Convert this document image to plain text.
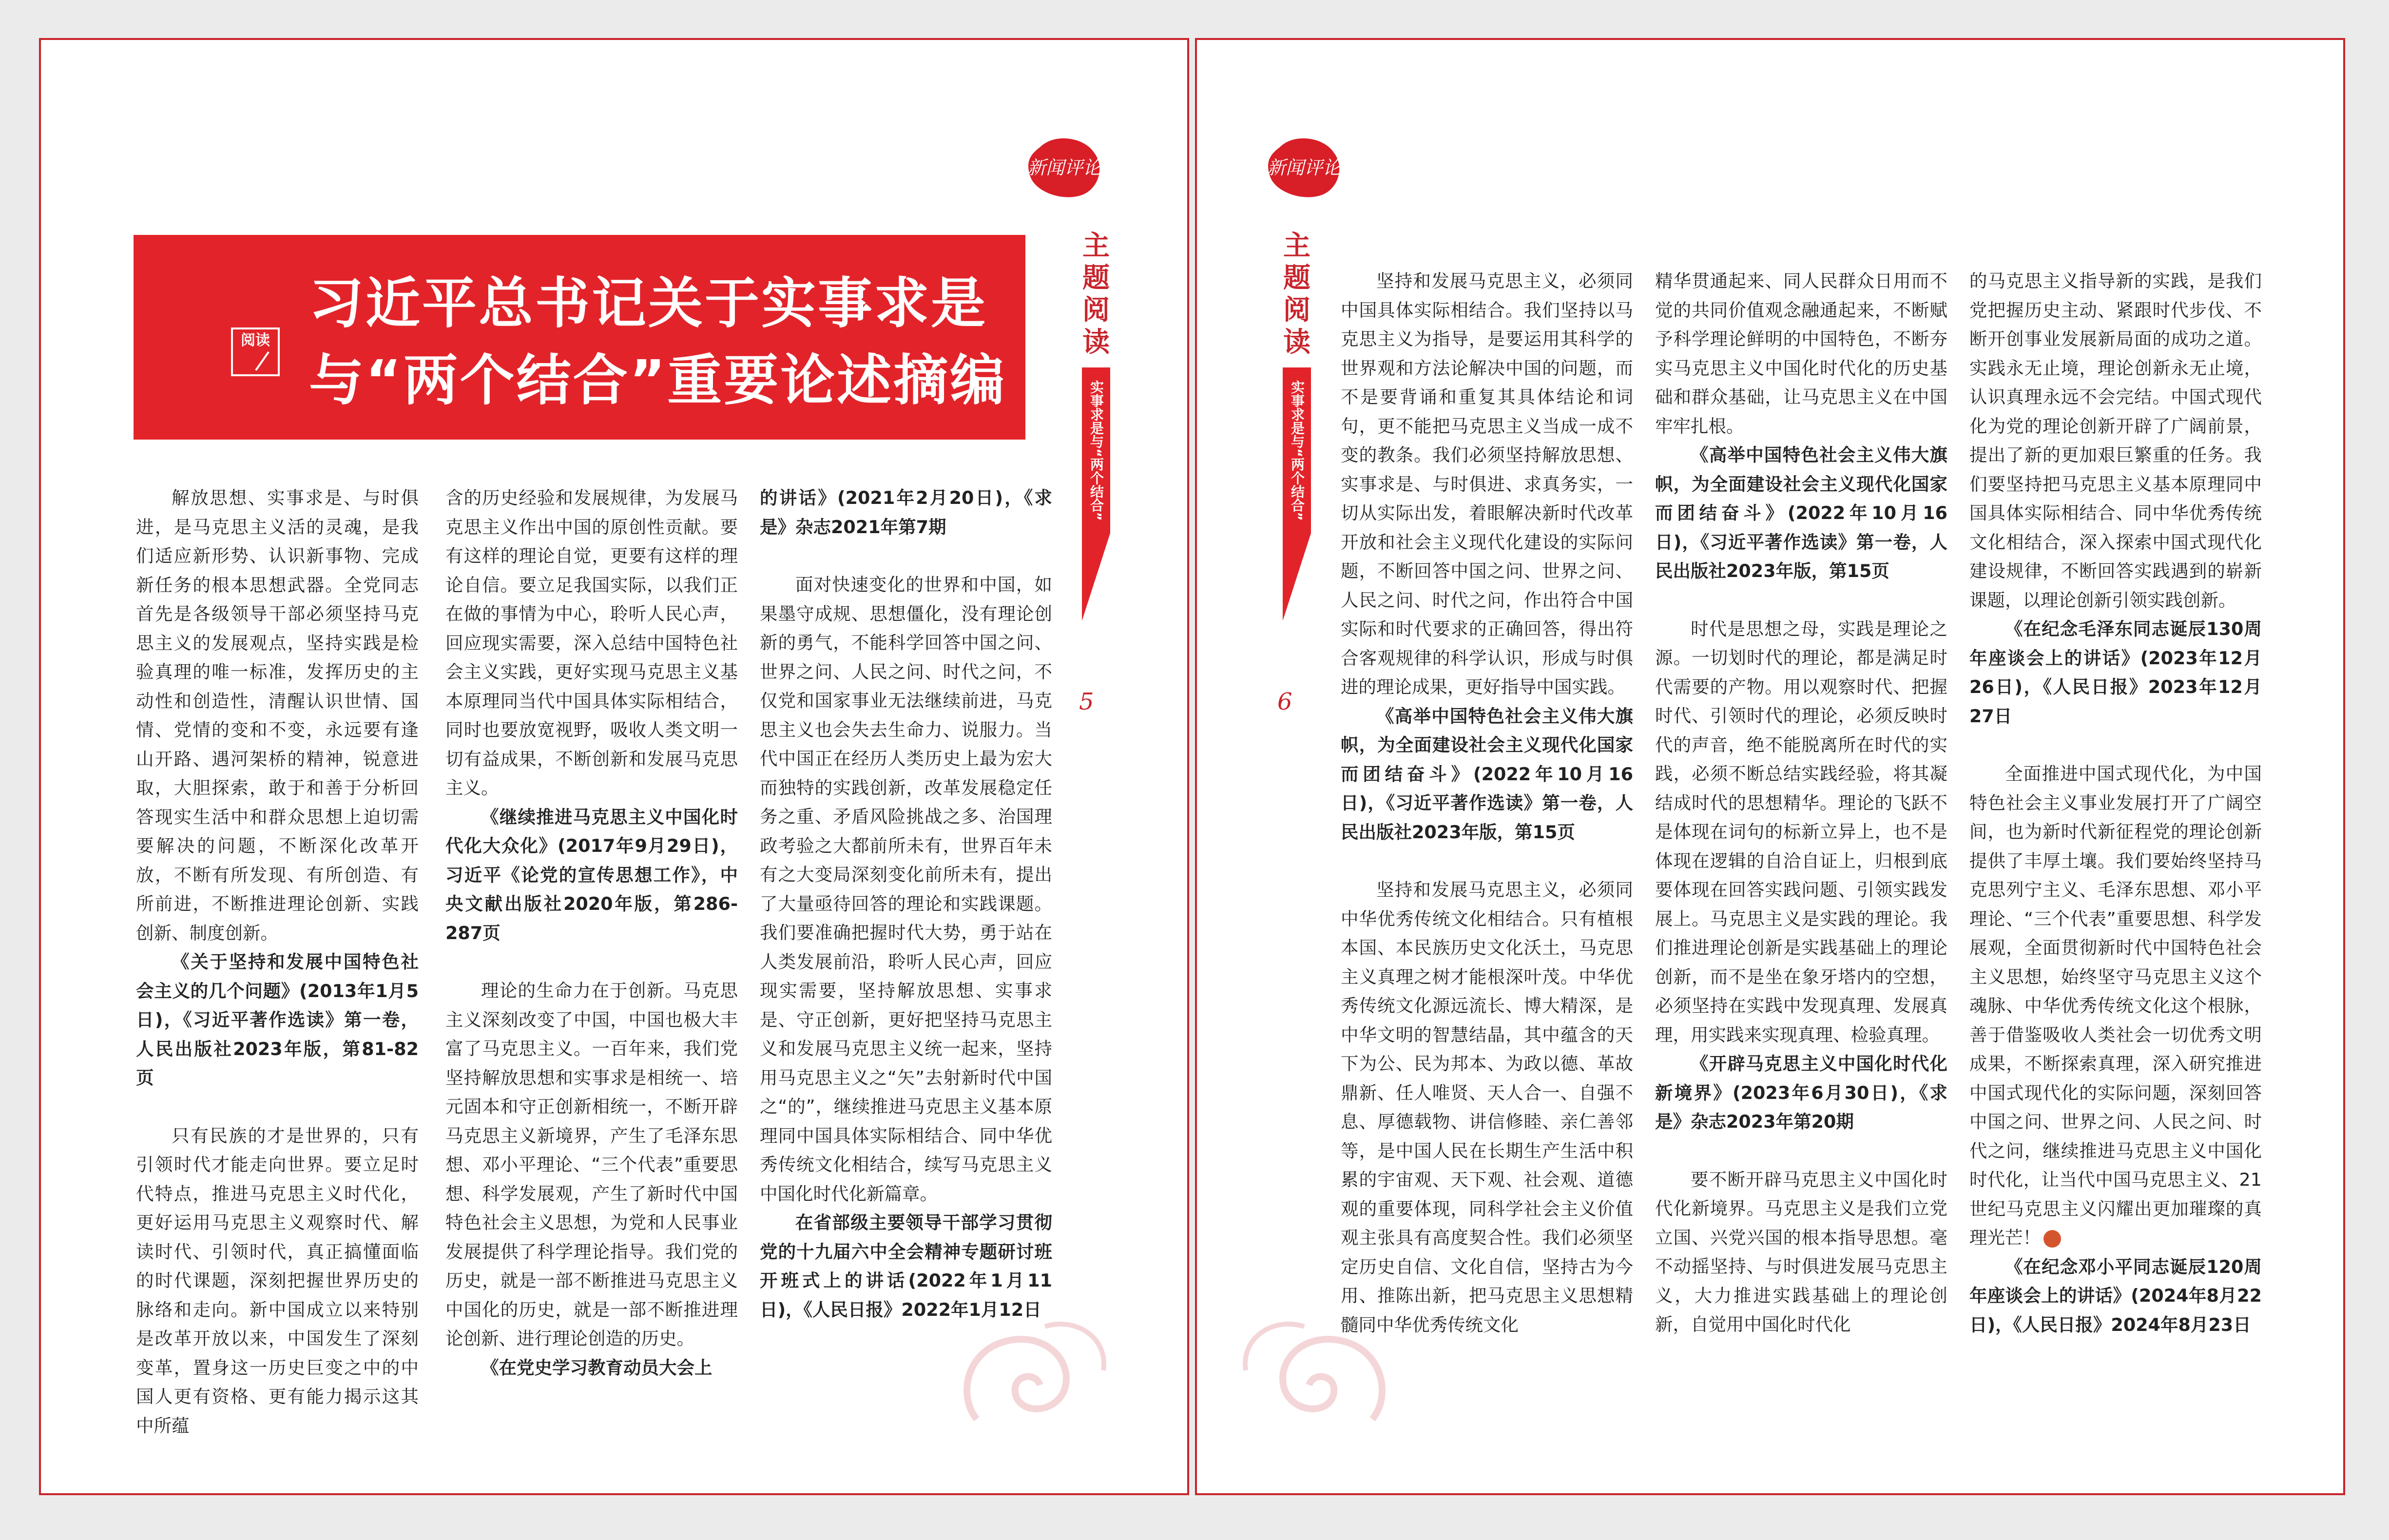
新闻评论
阅读
习近平总书记关于实事求是
与“两个结合”重要论述摘编
主
题
阅
读
实事求是与“两个结合”
5

解放思想、实事求是、与时俱进，是马克思主义活的灵魂，是我们适应新形势、认识新事物、完成新任务的根本思想武器。全党同志首先是各级领导干部必须坚持马克思主义的发展观点，坚持实践是检验真理的唯一标准，发挥历史的主动性和创造性，清醒认识世情、国情、党情的变和不变，永远要有逢山开路、遇河架桥的精神，锐意进取，大胆探索，敢于和善于分析回答现实生活中和群众思想上迫切需要解决的问题，不断深化改革开放，不断有所发现、有所创造、有所前进，不断推进理论创新、实践创新、制度创新。

《关于坚持和发展中国特色社会主义的几个问题》(2013年1月5日)，《习近平著作选读》第一卷，人民出版社2023年版，第81-82页

只有民族的才是世界的，只有引领时代才能走向世界。要立足时代特点，推进马克思主义时代化，更好运用马克思主义观察时代、解读时代、引领时代，真正搞懂面临的时代课题，深刻把握世界历史的脉络和走向。新中国成立以来特别是改革开放以来，中国发生了深刻变革，置身这一历史巨变之中的中国人更有资格、更有能力揭示这其中所蕴

含的历史经验和发展规律，为发展马克思主义作出中国的原创性贡献。要有这样的理论自觉，更要有这样的理论自信。要立足我国实际，以我们正在做的事情为中心，聆听人民心声，回应现实需要，深入总结中国特色社会主义实践，更好实现马克思主义基本原理同当代中国具体实际相结合，同时也要放宽视野，吸收人类文明一切有益成果，不断创新和发展马克思主义。

《继续推进马克思主义中国化时代化大众化》(2017年9月29日)，习近平《论党的宣传思想工作》，中央文献出版社2020年版，第286-287页

理论的生命力在于创新。马克思主义深刻改变了中国，中国也极大丰富了马克思主义。一百年来，我们党坚持解放思想和实事求是相统一、培元固本和守正创新相统一，不断开辟马克思主义新境界，产生了毛泽东思想、邓小平理论、“三个代表”重要思想、科学发展观，产生了新时代中国特色社会主义思想，为党和人民事业发展提供了科学理论指导。我们党的历史，就是一部不断推进马克思主义中国化的历史，就是一部不断推进理论创新、进行理论创造的历史。

《在党史学习教育动员大会上

的讲话》(2021年2月20日)，《求是》杂志2021年第7期

面对快速变化的世界和中国，如果墨守成规、思想僵化，没有理论创新的勇气，不能科学回答中国之问、世界之问、人民之问、时代之问，不仅党和国家事业无法继续前进，马克思主义也会失去生命力、说服力。当代中国正在经历人类历史上最为宏大而独特的实践创新，改革发展稳定任务之重、矛盾风险挑战之多、治国理政考验之大都前所未有，世界百年未有之大变局深刻变化前所未有，提出了大量亟待回答的理论和实践课题。我们要准确把握时代大势，勇于站在人类发展前沿，聆听人民心声，回应现实需要，坚持解放思想、实事求是、守正创新，更好把坚持马克思主义和发展马克思主义统一起来，坚持用马克思主义之“矢”去射新时代中国之“的”，继续推进马克思主义基本原理同中国具体实际相结合、同中华优秀传统文化相结合，续写马克思主义中国化时代化新篇章。

在省部级主要领导干部学习贯彻党的十九届六中全会精神专题研讨班开班式上的讲话(2022年1月11日)，《人民日报》2022年1月12日

新闻评论
主
题
阅
读
实事求是与“两个结合”
6

坚持和发展马克思主义，必须同中国具体实际相结合。我们坚持以马克思主义为指导，是要运用其科学的世界观和方法论解决中国的问题，而不是要背诵和重复其具体结论和词句，更不能把马克思主义当成一成不变的教条。我们必须坚持解放思想、实事求是、与时俱进、求真务实，一切从实际出发，着眼解决新时代改革开放和社会主义现代化建设的实际问题，不断回答中国之问、世界之问、人民之问、时代之问，作出符合中国实际和时代要求的正确回答，得出符合客观规律的科学认识，形成与时俱进的理论成果，更好指导中国实践。

《高举中国特色社会主义伟大旗帜，为全面建设社会主义现代化国家而团结奋斗》(2022年10月16日)，《习近平著作选读》第一卷，人民出版社2023年版，第15页

坚持和发展马克思主义，必须同中华优秀传统文化相结合。只有植根本国、本民族历史文化沃土，马克思主义真理之树才能根深叶茂。中华优秀传统文化源远流长、博大精深，是中华文明的智慧结晶，其中蕴含的天下为公、民为邦本、为政以德、革故鼎新、任人唯贤、天人合一、自强不息、厚德载物、讲信修睦、亲仁善邻等，是中国人民在长期生产生活中积累的宇宙观、天下观、社会观、道德观的重要体现，同科学社会主义价值观主张具有高度契合性。我们必须坚定历史自信、文化自信，坚持古为今用、推陈出新，把马克思主义思想精髓同中华优秀传统文化

精华贯通起来、同人民群众日用而不觉的共同价值观念融通起来，不断赋予科学理论鲜明的中国特色，不断夯实马克思主义中国化时代化的历史基础和群众基础，让马克思主义在中国牢牢扎根。

《高举中国特色社会主义伟大旗帜，为全面建设社会主义现代化国家而团结奋斗》(2022年10月16日)，《习近平著作选读》第一卷，人民出版社2023年版，第15页

时代是思想之母，实践是理论之源。一切划时代的理论，都是满足时代需要的产物。用以观察时代、把握时代、引领时代的理论，必须反映时代的声音，绝不能脱离所在时代的实践，必须不断总结实践经验，将其凝结成时代的思想精华。理论的飞跃不是体现在词句的标新立异上，也不是体现在逻辑的自洽自证上，归根到底要体现在回答实践问题、引领实践发展上。马克思主义是实践的理论。我们推进理论创新是实践基础上的理论创新，而不是坐在象牙塔内的空想，必须坚持在实践中发现真理、发展真理，用实践来实现真理、检验真理。

《开辟马克思主义中国化时代化新境界》(2023年6月30日)，《求是》杂志2023年第20期

要不断开辟马克思主义中国化时代化新境界。马克思主义是我们立党立国、兴党兴国的根本指导思想。毫不动摇坚持、与时俱进发展马克思主义，大力推进实践基础上的理论创新，自觉用中国化时代化

的马克思主义指导新的实践，是我们党把握历史主动、紧跟时代步伐、不断开创事业发展新局面的成功之道。实践永无止境，理论创新永无止境，认识真理永远不会完结。中国式现代化为党的理论创新开辟了广阔前景，提出了新的更加艰巨繁重的任务。我们要坚持把马克思主义基本原理同中国具体实际相结合、同中华优秀传统文化相结合，深入探索中国式现代化建设规律，不断回答实践遇到的崭新课题，以理论创新引领实践创新。

《在纪念毛泽东同志诞辰130周年座谈会上的讲话》(2023年12月26日)，《人民日报》2023年12月27日

全面推进中国式现代化，为中国特色社会主义事业发展打开了广阔空间，也为新时代新征程党的理论创新提供了丰厚土壤。我们要始终坚持马克思列宁主义、毛泽东思想、邓小平理论、“三个代表”重要思想、科学发展观，全面贯彻新时代中国特色社会主义思想，始终坚守马克思主义这个魂脉、中华优秀传统文化这个根脉，善于借鉴吸收人类社会一切优秀文明成果，不断探索真理，深入研究推进中国式现代化的实际问题，深刻回答中国之问、世界之问、人民之问、时代之问，继续推进马克思主义中国化时代化，让当代中国马克思主义、21世纪马克思主义闪耀出更加璀璨的真理光芒！

《在纪念邓小平同志诞辰120周年座谈会上的讲话》(2024年8月22日)，《人民日报》2024年8月23日
